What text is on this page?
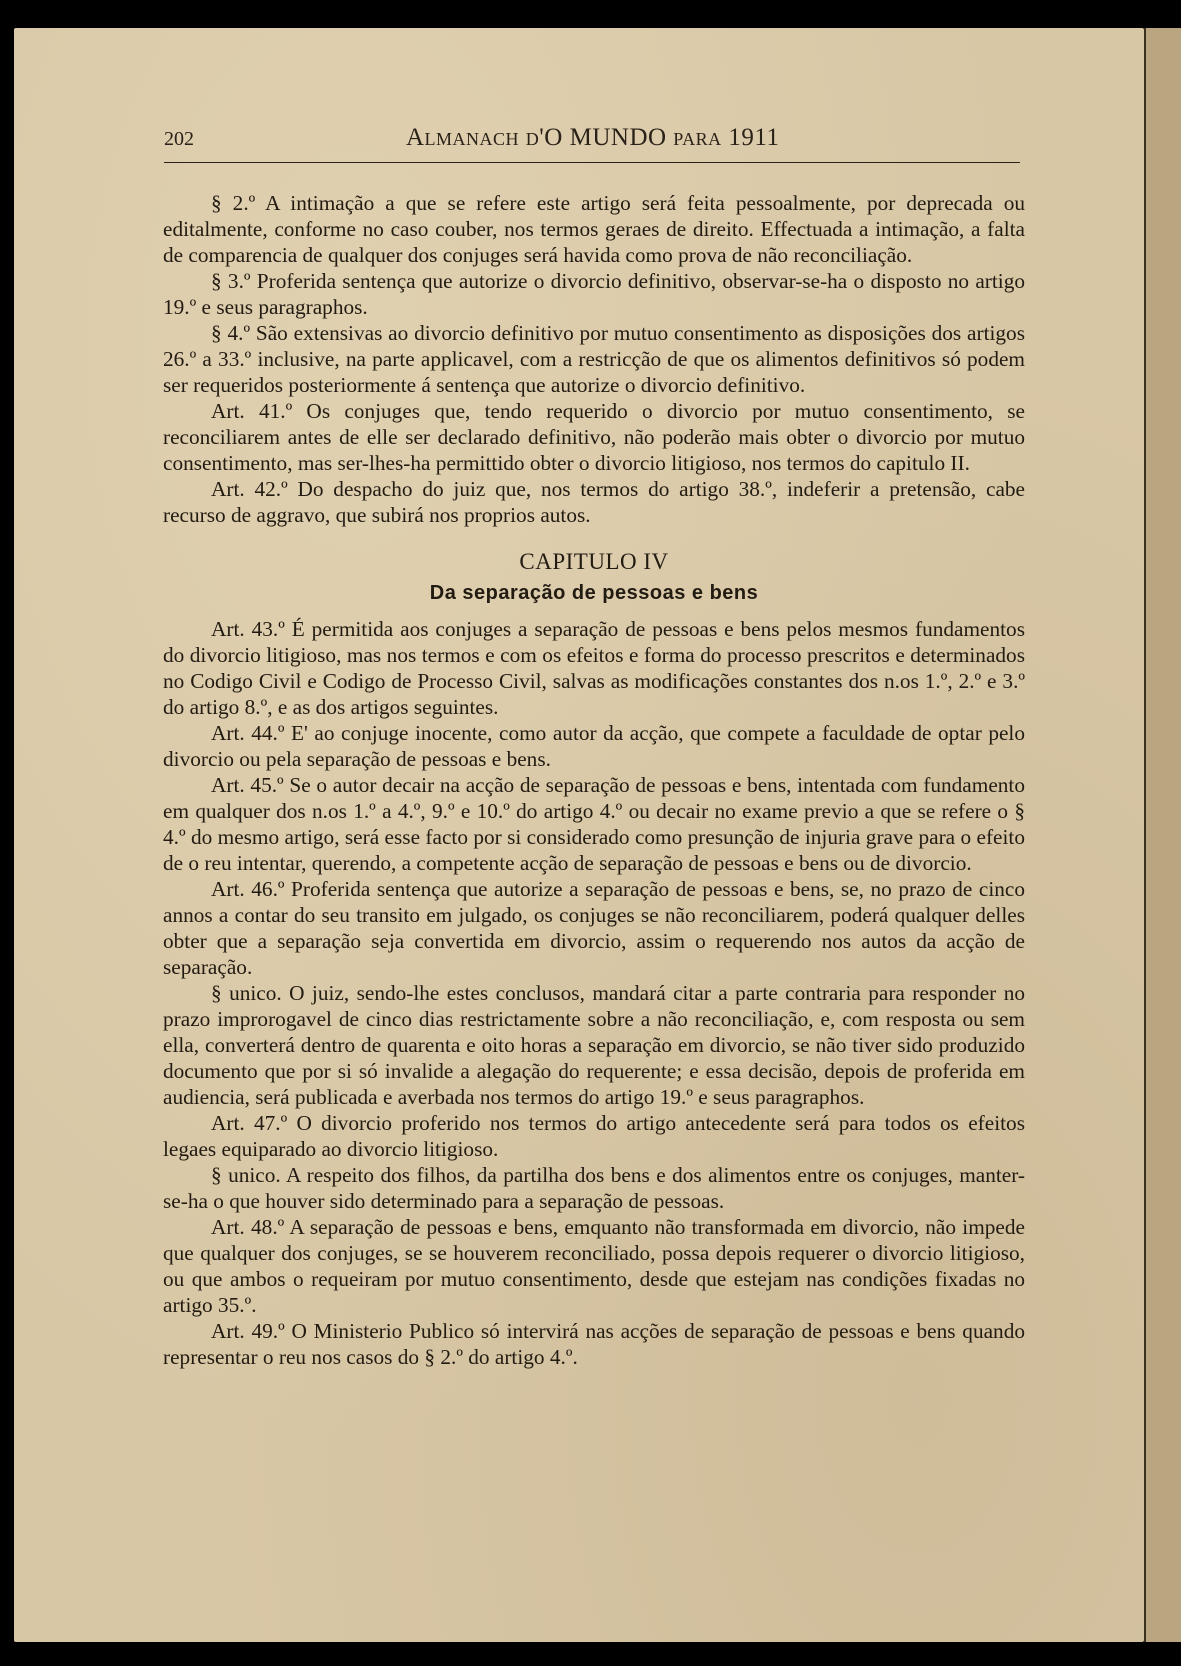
202	Almanach d'O MUNDO para 1911

§ 2.º A intimação a que se refere este artigo será feita pessoalmente, por deprecada ou editalmente, conforme no caso couber, nos termos geraes de direito. Effectuada a intimação, a falta de comparencia de qualquer dos conjuges será havida como prova de não reconciliação.

§ 3.º Proferida sentença que autorize o divorcio definitivo, observar-se-ha o disposto no artigo 19.º e seus paragraphos.

§ 4.º São extensivas ao divorcio definitivo por mutuo consentimento as disposições dos artigos 26.º a 33.º inclusive, na parte applicavel, com a restricção de que os alimentos definitivos só podem ser requeridos posteriormente á sentença que autorize o divorcio definitivo.

Art. 41.º Os conjuges que, tendo requerido o divorcio por mutuo consentimento, se reconciliarem antes de elle ser declarado definitivo, não poderão mais obter o divorcio por mutuo consentimento, mas ser-lhes-ha permittido obter o divorcio litigioso, nos termos do capitulo II.

Art. 42.º Do despacho do juiz que, nos termos do artigo 38.º, indeferir a pretensão, cabe recurso de aggravo, que subirá nos proprios autos.

CAPITULO IV
Da separação de pessoas e bens

Art. 43.º É permitida aos conjuges a separação de pessoas e bens pelos mesmos fundamentos do divorcio litigioso, mas nos termos e com os efeitos e forma do processo prescritos e determinados no Codigo Civil e Codigo de Processo Civil, salvas as modificações constantes dos n.os 1.º, 2.º e 3.º do artigo 8.º, e as dos artigos seguintes.

Art. 44.º E' ao conjuge inocente, como autor da acção, que compete a faculdade de optar pelo divorcio ou pela separação de pessoas e bens.

Art. 45.º Se o autor decair na acção de separação de pessoas e bens, intentada com fundamento em qualquer dos n.os 1.º a 4.º, 9.º e 10.º do artigo 4.º ou decair no exame previo a que se refere o § 4.º do mesmo artigo, será esse facto por si considerado como presunção de injuria grave para o efeito de o reu intentar, querendo, a competente acção de separação de pessoas e bens ou de divorcio.

Art. 46.º Proferida sentença que autorize a separação de pessoas e bens, se, no prazo de cinco annos a contar do seu transito em julgado, os conjuges se não reconciliarem, poderá qualquer delles obter que a separação seja convertida em divorcio, assim o requerendo nos autos da acção de separação.

§ unico. O juiz, sendo-lhe estes conclusos, mandará citar a parte contraria para responder no prazo improrogavel de cinco dias restrictamente sobre a não reconciliação, e, com resposta ou sem ella, converterá dentro de quarenta e oito horas a separação em divorcio, se não tiver sido produzido documento que por si só invalide a alegação do requerente; e essa decisão, depois de proferida em audiencia, será publicada e averbada nos termos do artigo 19.º e seus paragraphos.

Art. 47.º O divorcio proferido nos termos do artigo antecedente será para todos os efeitos legaes equiparado ao divorcio litigioso.

§ unico. A respeito dos filhos, da partilha dos bens e dos alimentos entre os conjuges, manter-se-ha o que houver sido determinado para a separação de pessoas.

Art. 48.º A separação de pessoas e bens, emquanto não transformada em divorcio, não impede que qualquer dos conjuges, se se houverem reconciliado, possa depois requerer o divorcio litigioso, ou que ambos o requeiram por mutuo consentimento, desde que estejam nas condições fixadas no artigo 35.º.

Art. 49.º O Ministerio Publico só intervirá nas acções de separação de pessoas e bens quando representar o reu nos casos do § 2.º do artigo 4.º.
